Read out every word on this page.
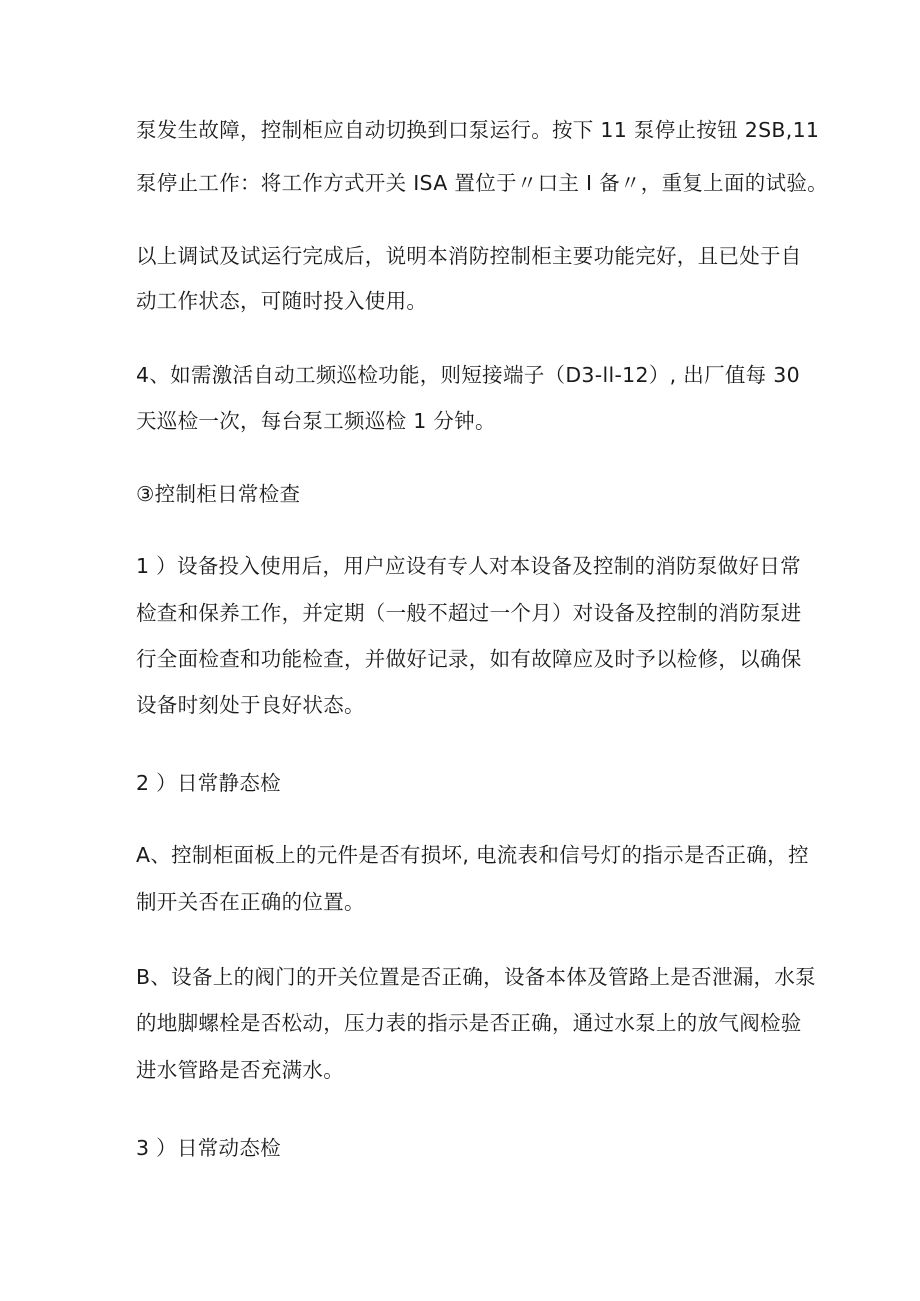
泵发生故障，控制柜应自动切换到口泵运行。按下 11 泵停止按钮 2SB,11
泵停止工作：将工作方式开关 ISA 置位于〃口主 I 备〃，重复上面的试验。
以上调试及试运行完成后，说明本消防控制柜主要功能完好，且已处于自
动工作状态，可随时投入使用。
4、如需激活自动工频巡检功能，则短接端子（D3-ll-12）, 出厂值每 30
天巡检一次，每台泵工频巡检 1 分钟。
③控制柜日常检查
1 ）设备投入使用后，用户应设有专人对本设备及控制的消防泵做好日常
检查和保养工作，并定期（一般不超过一个月）对设备及控制的消防泵进
行全面检查和功能检查，并做好记录，如有故障应及时予以检修，以确保
设备时刻处于良好状态。
2 ）日常静态检
A、控制柜面板上的元件是否有损坏, 电流表和信号灯的指示是否正确，控
制开关否在正确的位置。
B、设备上的阀门的开关位置是否正确，设备本体及管路上是否泄漏，水泵
的地脚螺栓是否松动，压力表的指示是否正确，通过水泵上的放气阀检验
进水管路是否充满水。
3 ）日常动态检
